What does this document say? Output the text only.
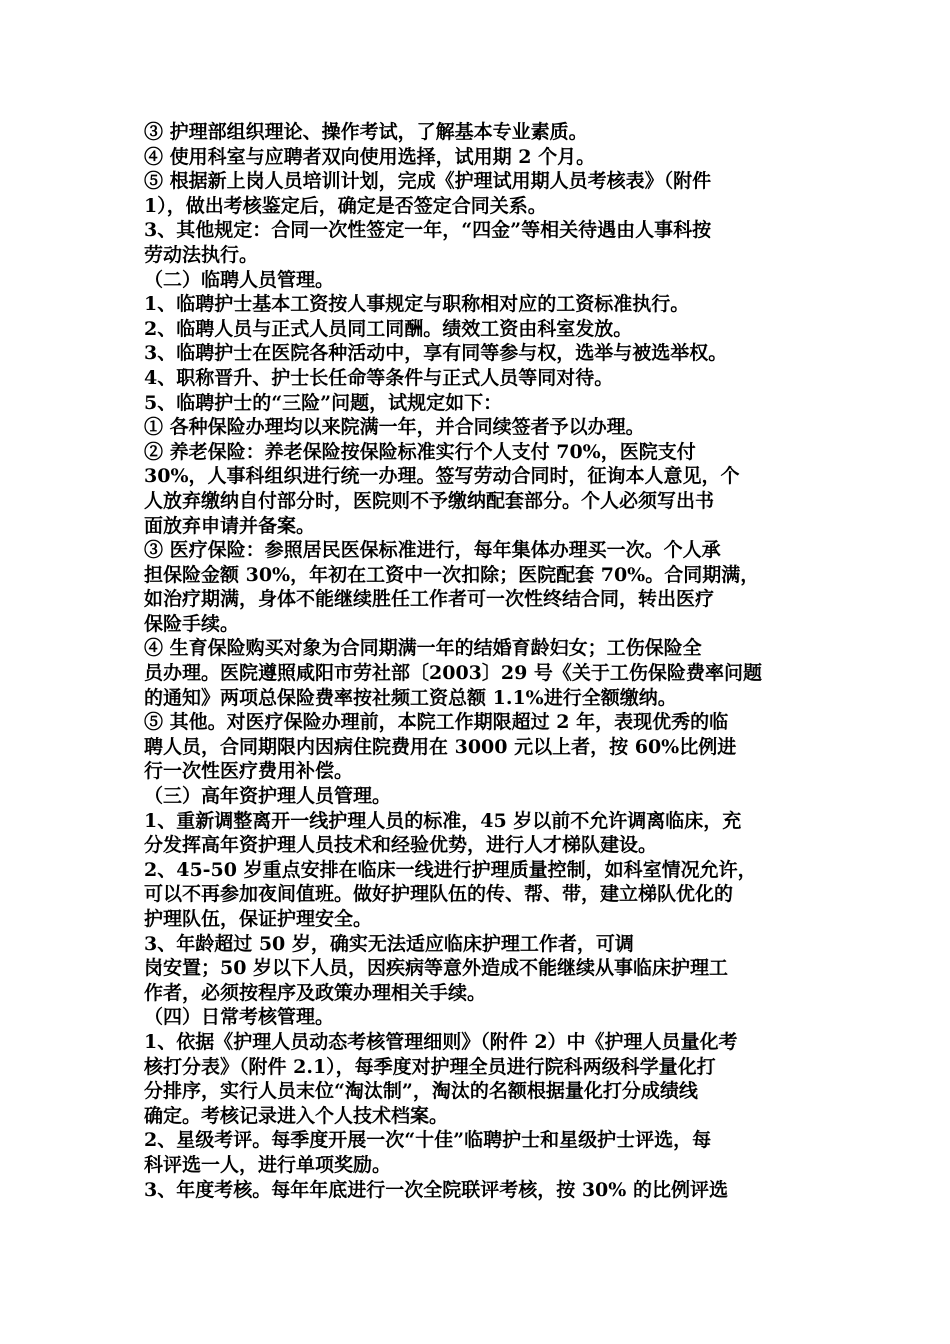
③ 护理部组织理论、操作考试，了解基本专业素质。
④ 使用科室与应聘者双向使用选择，试用期 2 个月。
⑤ 根据新上岗人员培训计划，完成《护理试用期人员考核表》（附件
1），做出考核鉴定后，确定是否签定合同关系。
3、其他规定：合同一次性签定一年，“四金”等相关待遇由人事科按
劳动法执行。
（二）临聘人员管理。
1、临聘护士基本工资按人事规定与职称相对应的工资标准执行。
2、临聘人员与正式人员同工同酬。绩效工资由科室发放。
3、临聘护士在医院各种活动中，享有同等参与权，选举与被选举权。
4、职称晋升、护士长任命等条件与正式人员等同对待。
5、临聘护士的“三险”问题，试规定如下：
① 各种保险办理均以来院满一年，并合同续签者予以办理。
② 养老保险：养老保险按保险标准实行个人支付 70%，医院支付
30%，人事科组织进行统一办理。签写劳动合同时，征询本人意见，个
人放弃缴纳自付部分时，医院则不予缴纳配套部分。个人必须写出书
面放弃申请并备案。
③ 医疗保险：参照居民医保标准进行，每年集体办理买一次。个人承
担保险金额 30%，年初在工资中一次扣除；医院配套 70%。合同期满，
如治疗期满，身体不能继续胜任工作者可一次性终结合同，转出医疗
保险手续。
④ 生育保险购买对象为合同期满一年的结婚育龄妇女；工伤保险全
员办理。医院遵照咸阳市劳社部〔2003〕29 号《关于工伤保险费率问题
的通知》两项总保险费率按社频工资总额 1.1%进行全额缴纳。
⑤ 其他。对医疗保险办理前，本院工作期限超过 2 年，表现优秀的临
聘人员，合同期限内因病住院费用在 3000 元以上者，按 60%比例进
行一次性医疗费用补偿。
（三）高年资护理人员管理。
1、重新调整离开一线护理人员的标准，45 岁以前不允许调离临床，充
分发挥高年资护理人员技术和经验优势，进行人才梯队建设。
2、45-50 岁重点安排在临床一线进行护理质量控制，如科室情况允许，
可以不再参加夜间值班。做好护理队伍的传、帮、带，建立梯队优化的
护理队伍，保证护理安全。
3、年龄超过 50 岁，确实无法适应临床护理工作者，可调
岗安置；50 岁以下人员，因疾病等意外造成不能继续从事临床护理工
作者，必须按程序及政策办理相关手续。
（四）日常考核管理。
1、依据《护理人员动态考核管理细则》（附件 2）中《护理人员量化考
核打分表》（附件 2.1），每季度对护理全员进行院科两级科学量化打
分排序，实行人员末位“淘汰制”，淘汰的名额根据量化打分成绩线
确定。考核记录进入个人技术档案。
2、星级考评。每季度开展一次“十佳”临聘护士和星级护士评选，每
科评选一人，进行单项奖励。
3、年度考核。每年年底进行一次全院联评考核，按 30% 的比例评选
